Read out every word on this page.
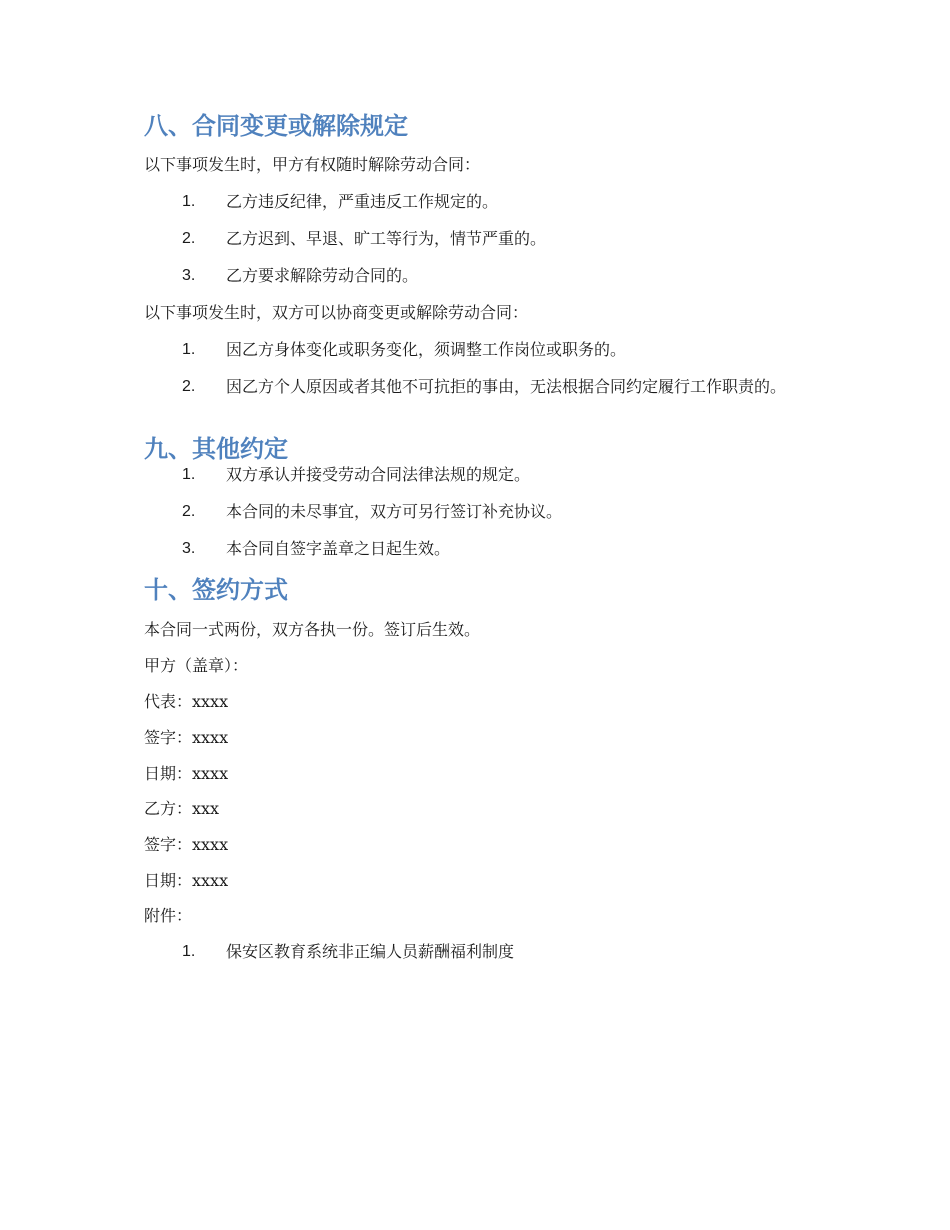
八、合同变更或解除规定
以下事项发生时，甲方有权随时解除劳动合同：
1.	乙方违反纪律，严重违反工作规定的。
2.	乙方迟到、早退、旷工等行为，情节严重的。
3.	乙方要求解除劳动合同的。
以下事项发生时，双方可以协商变更或解除劳动合同：
1.	因乙方身体变化或职务变化，须调整工作岗位或职务的。
2.	因乙方个人原因或者其他不可抗拒的事由，无法根据合同约定履行工作职责的。
九、其他约定
1.	双方承认并接受劳动合同法律法规的规定。
2.	本合同的未尽事宜，双方可另行签订补充协议。
3.	本合同自签字盖章之日起生效。
十、签约方式
本合同一式两份，双方各执一份。签订后生效。
甲方（盖章）：
代表：xxxx
签字：xxxx
日期：xxxx
乙方：xxx
签字：xxxx
日期：xxxx
附件：
1.	保安区教育系统非正编人员薪酬福利制度
